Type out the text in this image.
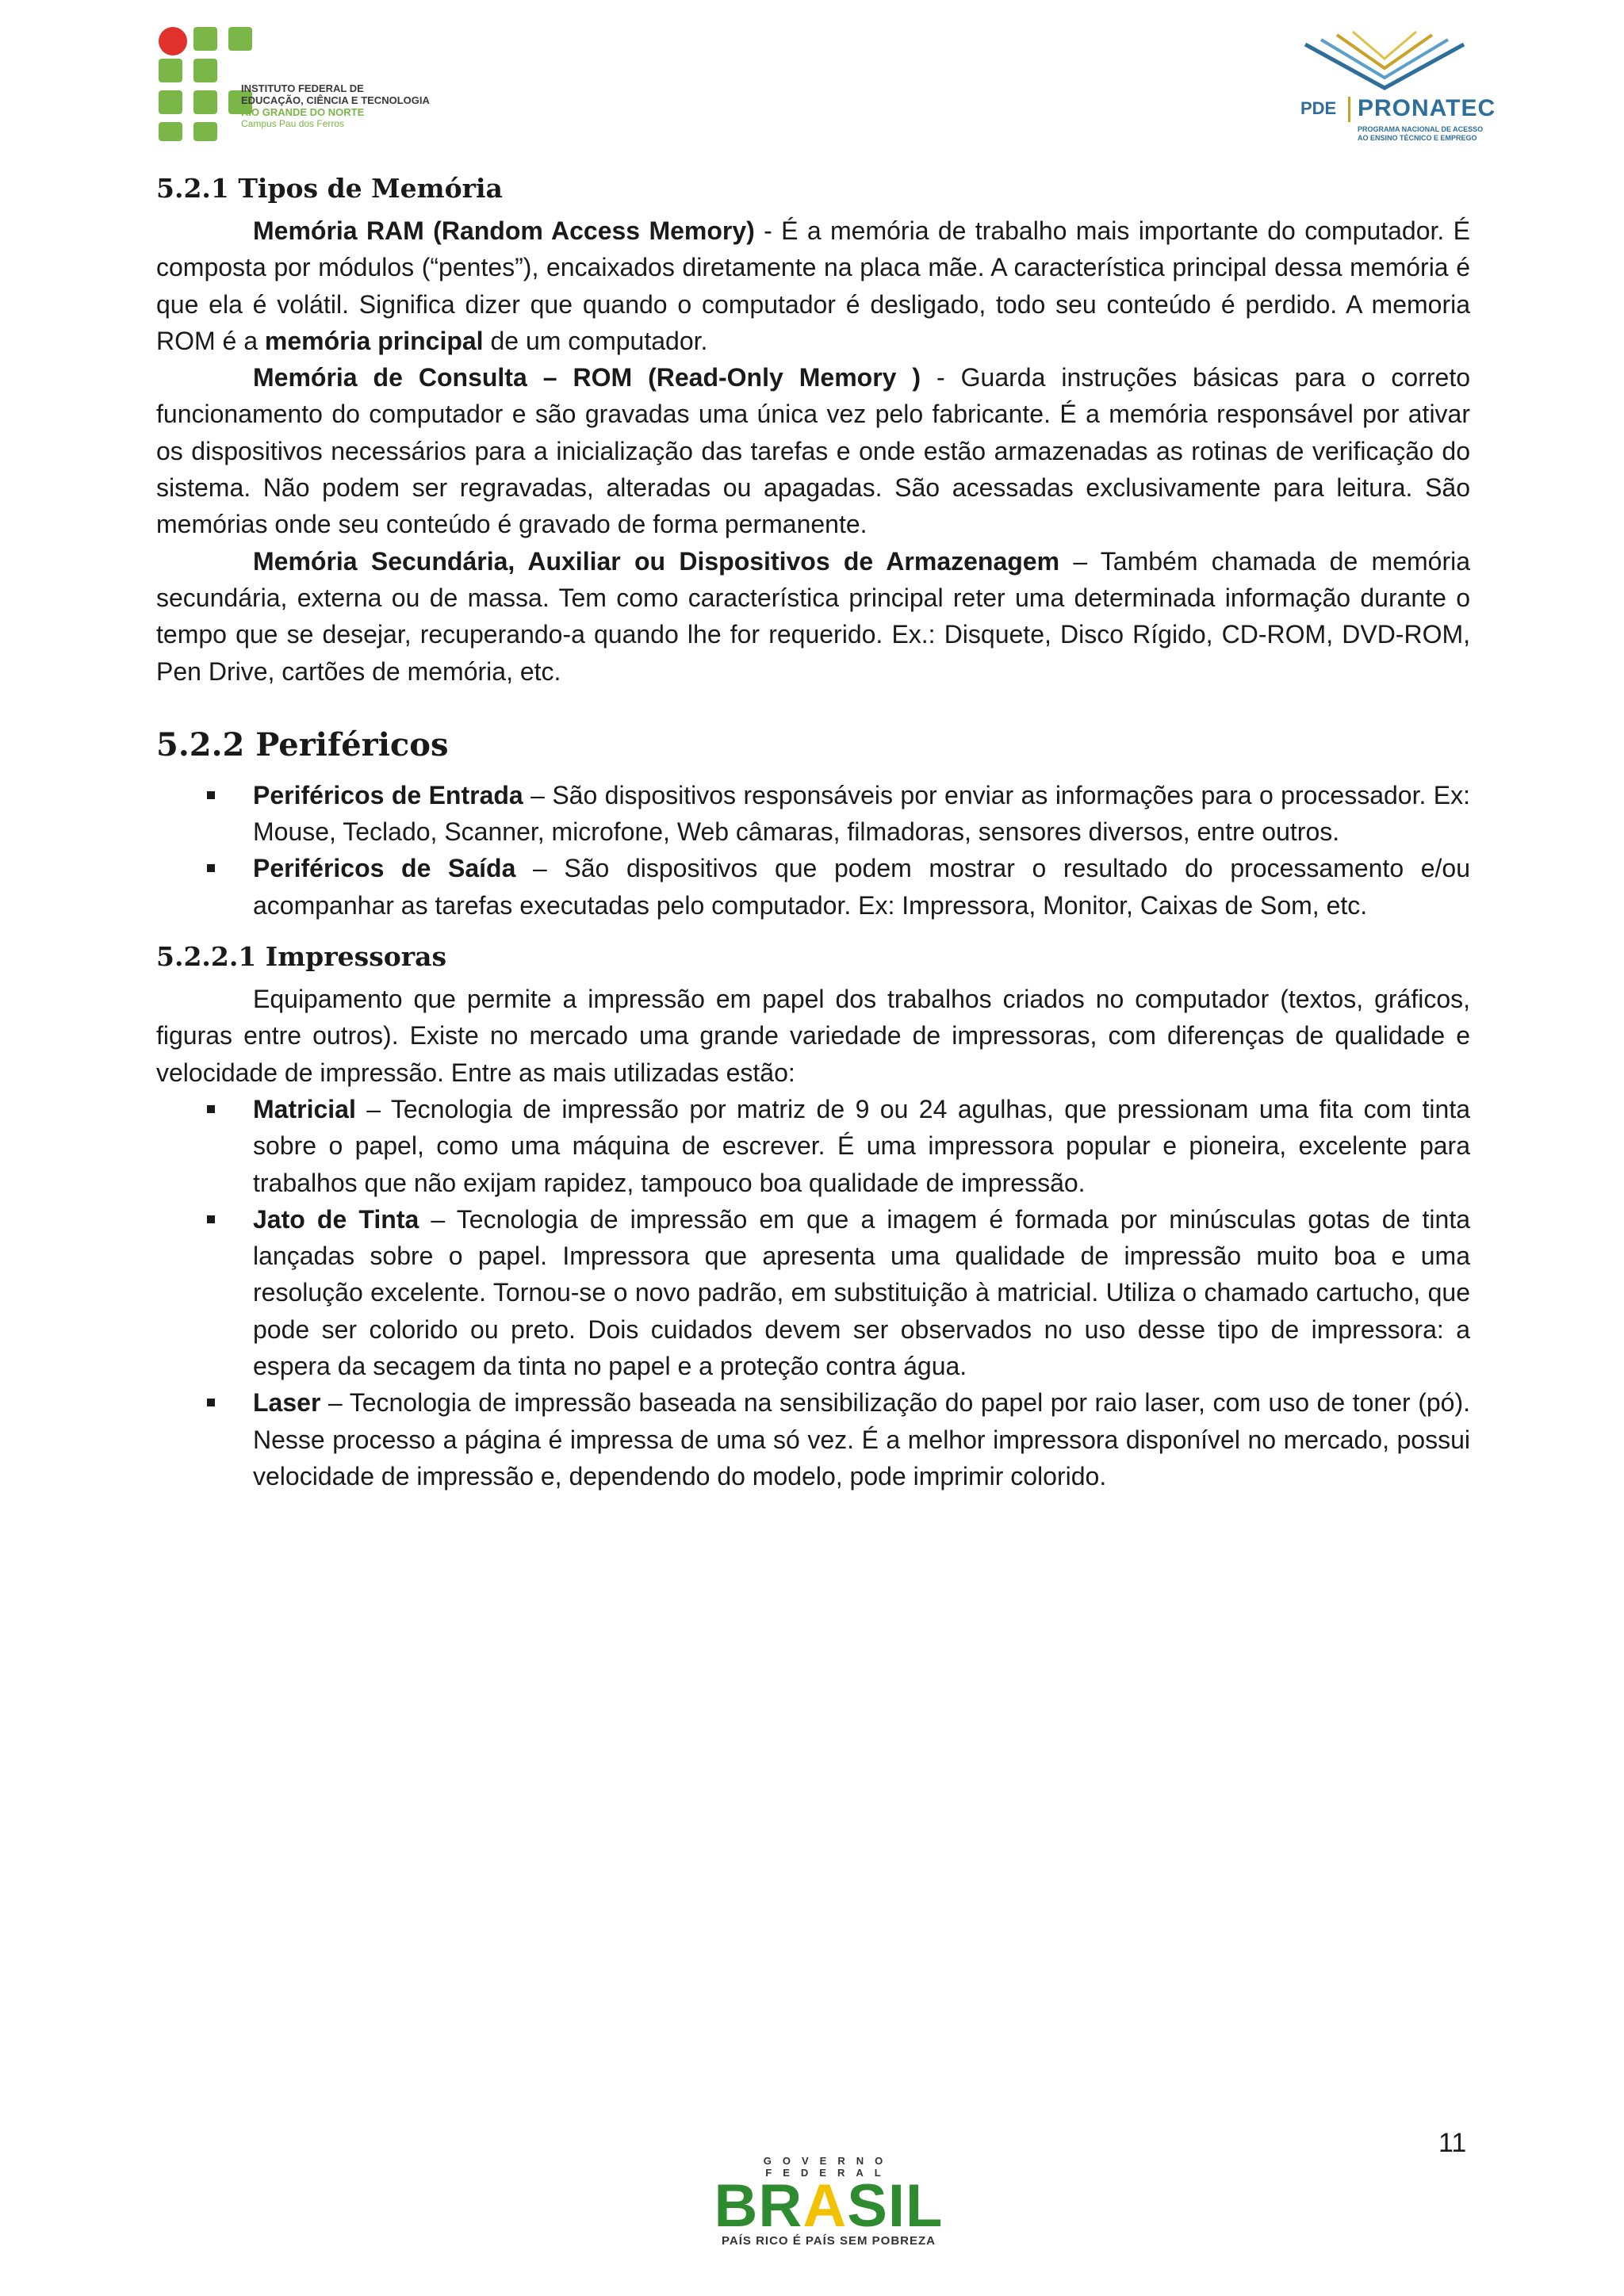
INSTITUTO FEDERAL DE
EDUCAÇÃO, CIÊNCIA E TECNOLOGIA
RIO GRANDE DO NORTE
Campus Pau dos Ferros
PDE PRONATEC
PROGRAMA NACIONAL DE ACESSO AO ENSINO TÉCNICO E EMPREGO
5.2.1 Tipos de Memória

Memória RAM (Random Access Memory) - É a memória de trabalho mais importante do computador. É composta por módulos (“pentes”), encaixados diretamente na placa mãe. A característica principal dessa memória é que ela é volátil. Significa dizer que quando o computador é desligado, todo seu conteúdo é perdido. A memoria ROM é a memória principal de um computador.

Memória de Consulta – ROM (Read-Only Memory ) - Guarda instruções básicas para o correto funcionamento do computador e são gravadas uma única vez pelo fabricante. É a memória responsável por ativar os dispositivos necessários para a inicialização das tarefas e onde estão armazenadas as rotinas de verificação do sistema. Não podem ser regravadas, alteradas ou apagadas. São acessadas exclusivamente para leitura. São memórias onde seu conteúdo é gravado de forma permanente.

Memória Secundária, Auxiliar ou Dispositivos de Armazenagem – Também chamada de memória secundária, externa ou de massa. Tem como característica principal reter uma determinada informação durante o tempo que se desejar, recuperando-a quando lhe for requerido. Ex.: Disquete, Disco Rígido, CD-ROM, DVD-ROM, Pen Drive, cartões de memória, etc.

5.2.2 Periféricos
Periféricos de Entrada – São dispositivos responsáveis por enviar as informações para o processador. Ex: Mouse, Teclado, Scanner, microfone, Web câmaras, filmadoras, sensores diversos, entre outros.
Periféricos de Saída – São dispositivos que podem mostrar o resultado do processamento e/ou acompanhar as tarefas executadas pelo computador. Ex: Impressora, Monitor, Caixas de Som, etc.
5.2.2.1 Impressoras

Equipamento que permite a impressão em papel dos trabalhos criados no computador (textos, gráficos, figuras entre outros). Existe no mercado uma grande variedade de impressoras, com diferenças de qualidade e velocidade de impressão. Entre as mais utilizadas estão:

Matricial – Tecnologia de impressão por matriz de 9 ou 24 agulhas, que pressionam uma fita com tinta sobre o papel, como uma máquina de escrever. É uma impressora popular e pioneira, excelente para trabalhos que não exijam rapidez, tampouco boa qualidade de impressão.
Jato de Tinta – Tecnologia de impressão em que a imagem é formada por minúsculas gotas de tinta lançadas sobre o papel. Impressora que apresenta uma qualidade de impressão muito boa e uma resolução excelente. Tornou-se o novo padrão, em substituição à matricial. Utiliza o chamado cartucho, que pode ser colorido ou preto. Dois cuidados devem ser observados no uso desse tipo de impressora: a espera da secagem da tinta no papel e a proteção contra água.
Laser – Tecnologia de impressão baseada na sensibilização do papel por raio laser, com uso de toner (pó). Nesse processo a página é impressa de uma só vez. É a melhor impressora disponível no mercado, possui velocidade de impressão e, dependendo do modelo, pode imprimir colorido.
11
GOVERNO FEDERAL
BRASIL
PAÍS RICO É PAÍS SEM POBREZA
